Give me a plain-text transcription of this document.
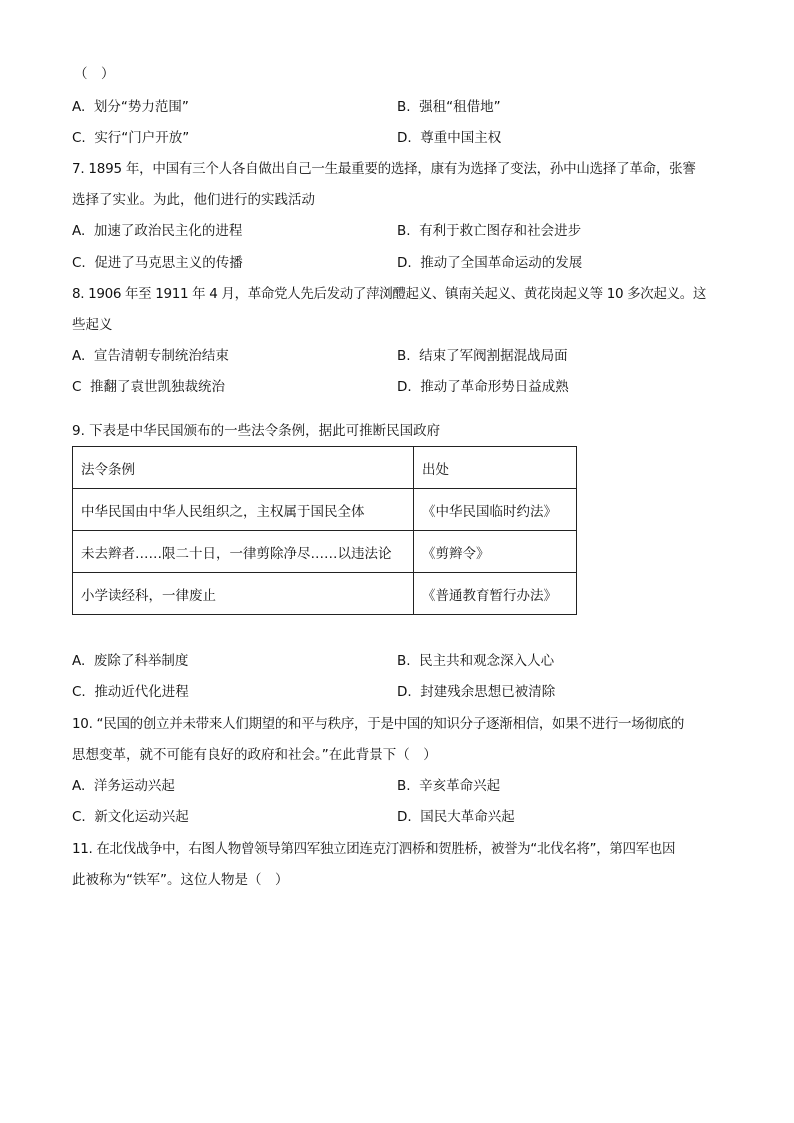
（　）
A. 划分“势力范围”	B. 强租“租借地”
C. 实行“门户开放”	D. 尊重中国主权
7. 1895 年，中国有三个人各自做出自己一生最重要的选择，康有为选择了变法，孙中山选择了革命，张謇
选择了实业。为此，他们进行的实践活动
A. 加速了政治民主化的进程	B. 有利于救亡图存和社会进步
C. 促进了马克思主义的传播	D. 推动了全国革命运动的发展
8. 1906 年至 1911 年 4 月，革命党人先后发动了萍浏醴起义、镇南关起义、黄花岗起义等 10 多次起义。这
些起义
A. 宣告清朝专制统治结束	B. 结束了军阀割据混战局面
C 推翻了袁世凯独裁统治	D. 推动了革命形势日益成熟
9. 下表是中华民国颁布的一些法令条例，据此可推断民国政府
法令条例	出处
中华民国由中华人民组织之，主权属于国民全体	《中华民国临时约法》
未去辫者……限二十日，一律剪除净尽……以违法论	《剪辫令》
小学读经科，一律废止	《普通教育暂行办法》
A. 废除了科举制度	B. 民主共和观念深入人心
C. 推动近代化进程	D. 封建残余思想已被清除
10. “民国的创立并未带来人们期望的和平与秩序，于是中国的知识分子逐渐相信，如果不进行一场彻底的
思想变革，就不可能有良好的政府和社会。”在此背景下（　）
A. 洋务运动兴起	B. 辛亥革命兴起
C. 新文化运动兴起	D. 国民大革命兴起
11. 在北伐战争中，右图人物曾领导第四军独立团连克汀泗桥和贺胜桥，被誉为“北伐名将”，第四军也因
此被称为“铁军”。这位人物是（　）
